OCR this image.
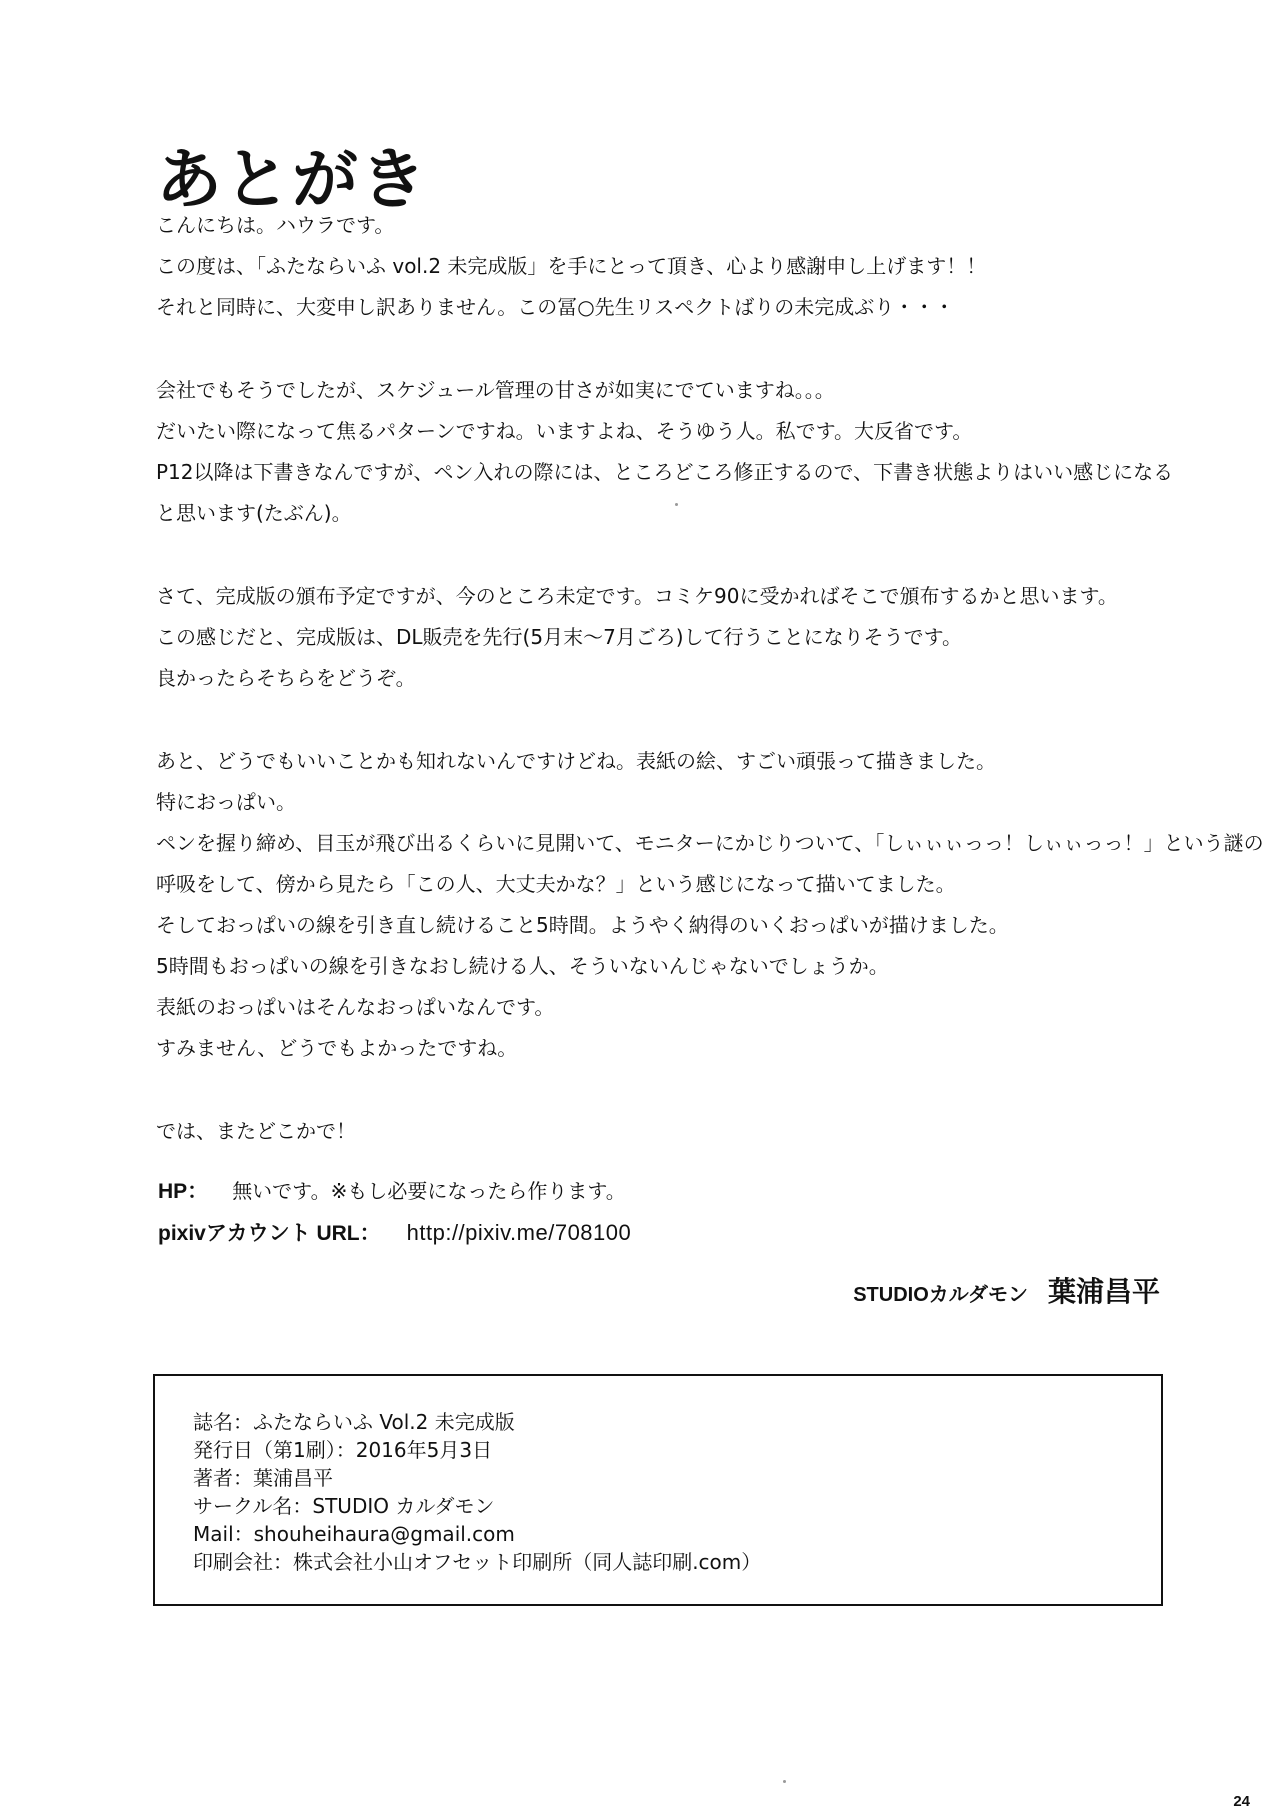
あとがき

こんにちは。ハウラです。

この度は、「ふたならいふ vol.2 未完成版」を手にとって頂き、心より感謝申し上げます！！

それと同時に、大変申し訳ありません。この冨○先生リスペクトばりの未完成ぶり・・・

会社でもそうでしたが、スケジュール管理の甘さが如実にでていますね。。。

だいたい際になって焦るパターンですね。いますよね、そうゆう人。私です。大反省です。

P12以降は下書きなんですが、ペン入れの際には、ところどころ修正するので、下書き状態よりはいい感じになる

と思います(たぶん)。

さて、完成版の頒布予定ですが、今のところ未定です。コミケ90に受かればそこで頒布するかと思います。

この感じだと、完成版は、DL販売を先行(5月末～7月ごろ)して行うことになりそうです。

良かったらそちらをどうぞ。

あと、どうでもいいことかも知れないんですけどね。表紙の絵、すごい頑張って描きました。

特におっぱい。

ペンを握り締め、目玉が飛び出るくらいに見開いて、モニターにかじりついて、「しぃぃぃっっ！しぃぃっっ！」という謎の

呼吸をして、傍から見たら「この人、大丈夫かな？」という感じになって描いてました。

そしておっぱいの線を引き直し続けること5時間。ようやく納得のいくおっぱいが描けました。

5時間もおっぱいの線を引きなおし続ける人、そういないんじゃないでしょうか。

表紙のおっぱいはそんなおっぱいなんです。

すみません、どうでもよかったですね。

では、またどこかで！

HP： 無いです。※もし必要になったら作ります。
pixivアカウント URL： http://pixiv.me/708100
STUDIOカルダモン 葉浦昌平
誌名：ふたならいふ Vol.2 未完成版
発行日（第1刷）：2016年5月3日
著者：葉浦昌平
サークル名：STUDIO カルダモン
Mail：shouheihaura@gmail.com
印刷会社：株式会社小山オフセット印刷所（同人誌印刷.com）
24
